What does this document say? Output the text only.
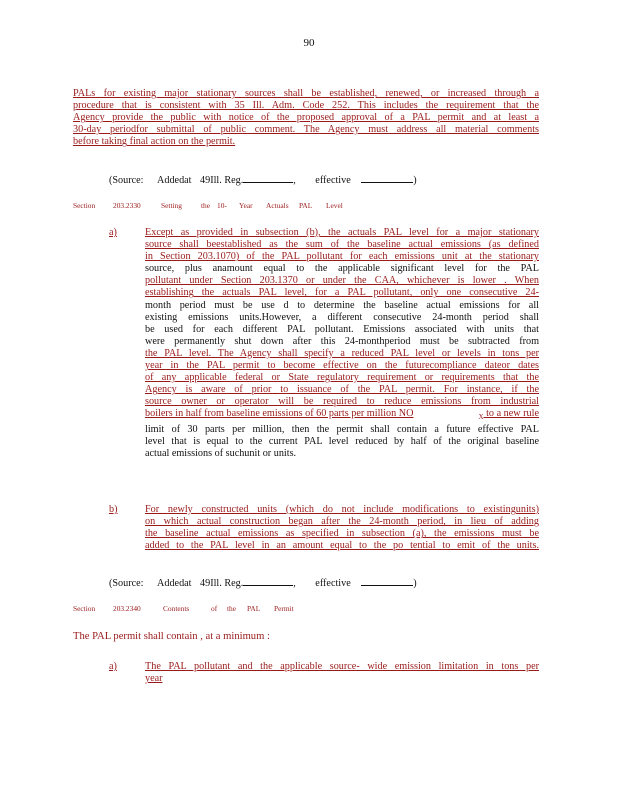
90
PALs for existing major stationary sources shall be established, renewed, or increased through a
procedure that is consistent with 35 Ill. Adm. Code 252. This includes the requirement that the
Agency provide the public with notice of the proposed approval of a PAL permit and at least a
30-day periodfor submittal of public comment. The Agency must address all material comments
before taking final action on the permit.
(Source: Addedat 49Ill. Reg.	, effective	)
Section 203.2330	Setting	the 10- Year Actuals PAL Level
a)	Except as provided in subsection (b), the actuals PAL level for a major stationary
source shall beestablished as the sum of the baseline actual emissions (as defined
in Section 203.1070) of the PAL pollutant for each emissions unit at the stationary
source, plus anamount equal to the applicable significant level for the PAL
pollutant under Section 203.1370 or under the CAA, whichever is lower . When
establishing the actuals PAL level, for a PAL pollutant, only one consecutive 24-
month period must be use d to determine the baseline actual emissions for all
existing emissions units.However, a different consecutive 24-month period shall
be used for each different PAL pollutant. Emissions associated with units that
were permanently shut down after this 24-monthperiod must be subtracted from
the PAL level. The Agency shall specify a reduced PAL level or levels in tons per
year in the PAL permit to become effective on the futurecompliance dateor dates
of any applicable federal or State regulatory requirement or requirements that the
Agency is aware of prior to issuance of the PAL permit. For instance, if the
source owner or operator will be required to reduce emissions from industrial
boilers in half from baseline emissions of 60 parts per million NO	$_X$ to a new rule
limit of 30 parts per million, then the permit shall contain a future effective PAL
level that is equal to the current PAL level reduced by half of the original baseline
actual emissions of suchunit or units.
b)	For newly constructed units (which do not include modifications to existingunits)
on which actual construction began after the 24-month period, in lieu of adding
the baseline actual emissions as specified in subsection (a), the emissions must be
added to the PAL level in an amount equal to the po tential to emit of the units.
(Source: Addedat 49Ill. Reg.	, effective	)
Section 203.2340	Contents	of the PAL Permit
The PAL permit shall contain , at a minimum :
a)	The PAL pollutant and the applicable source- wide emission limitation in tons per
year
